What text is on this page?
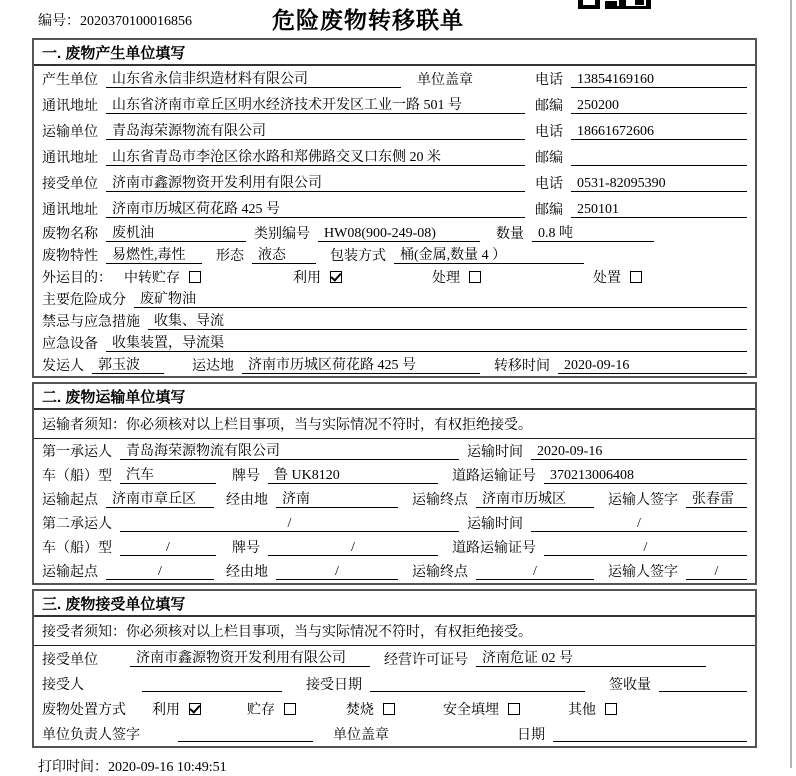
编号：2020370100016856	危险废物转移联单
一. 废物产生单位填写
产生单位	山东省永信非织造材料有限公司	单位盖章	电话	13854169160
通讯地址	山东省济南市章丘区明水经济技术开发区工业一路 501 号	邮编	250200
运输单位	青岛海荣源物流有限公司	电话	18661672606
通讯地址	山东省青岛市李沧区徐水路和郑佛路交叉口东侧 20 米	邮编
接受单位	济南市鑫源物资开发利用有限公司	电话	0531-82095390
通讯地址	济南市历城区荷花路 425 号	邮编	250101
废物名称	废机油	类别编号	HW08(900-249-08)	数量	0.8 吨
废物特性	易燃性,毒性	形态	液态	包装方式	桶(金属,数量 4 ）
外运目的： 中转贮存	利用	处理	处置
主要危险成分	废矿物油
禁忌与应急措施	收集、导流
应急设备	收集装置，导流渠
发运人	郭玉波	运达地	济南市历城区荷花路 425 号	转移时间	2020-09-16
二. 废物运输单位填写
运输者须知：你必须核对以上栏目事项，当与实际情况不符时，有权拒绝接受。
第一承运人	青岛海荣源物流有限公司	运输时间	2020-09-16
车（船）型	汽车	牌号	鲁 UK8120	道路运输证号	370213006408
运输起点	济南市章丘区	经由地	济南	运输终点	济南市历城区	运输人签字	张春雷
第二承运人	/	运输时间	/
车（船）型	/	牌号	/	道路运输证号	/
运输起点	/	经由地	/	运输终点	/	运输人签字	/
三. 废物接受单位填写
接受者须知：你必须核对以上栏目事项，当与实际情况不符时，有权拒绝接受。
接受单位	济南市鑫源物资开发利用有限公司	经营许可证号	济南危证 02 号
接受人	接受日期	签收量
废物处置方式 利用	贮存	焚烧	安全填埋	其他
单位负责人签字	单位盖章	日期
打印时间：2020-09-16 10:49:51
